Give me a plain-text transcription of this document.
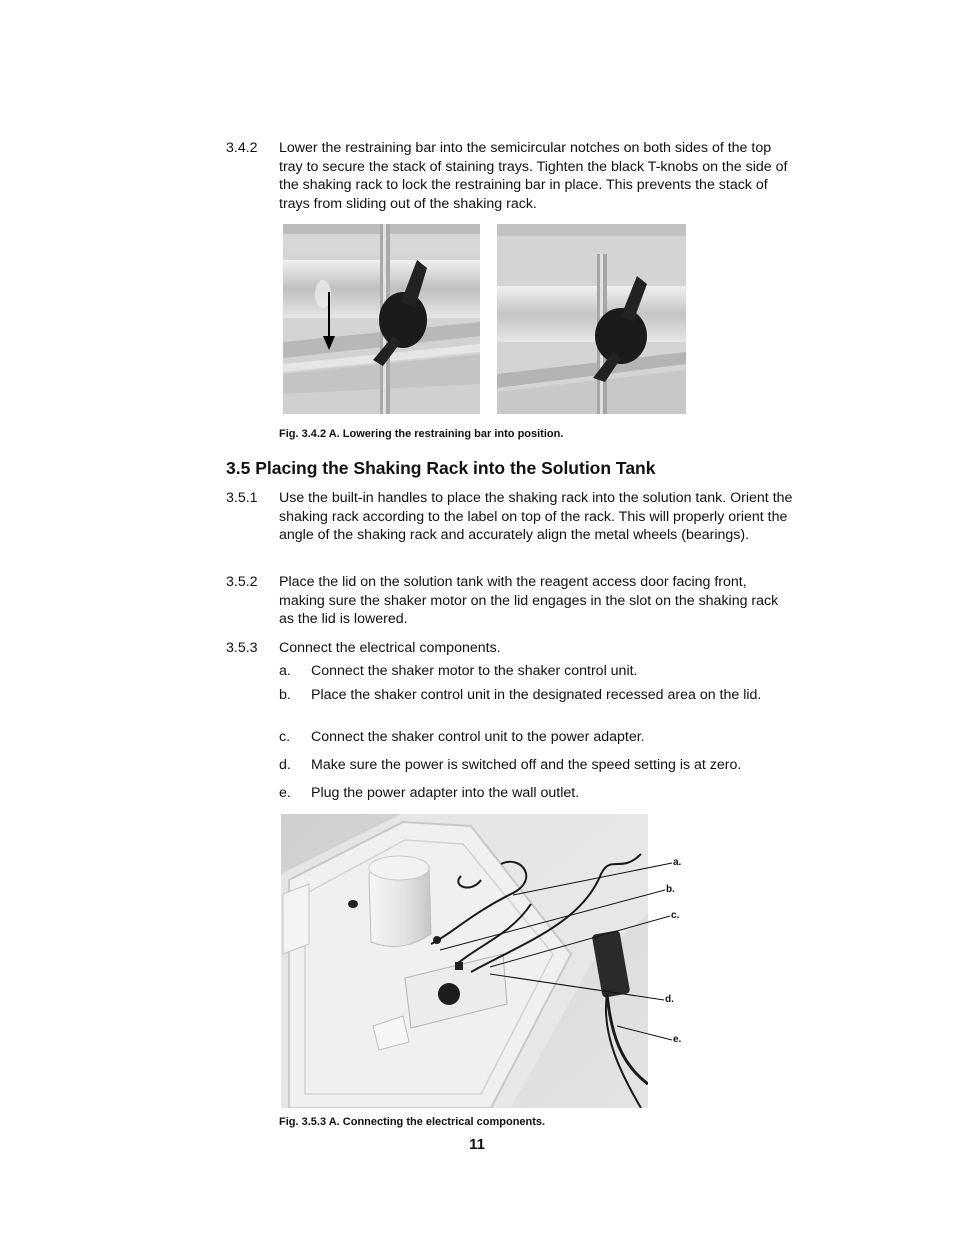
3.4.2 Lower the restraining bar into the semicircular notches on both sides of the top tray to secure the stack of staining trays. Tighten the black T-knobs on the side of the shaking rack to lock the restraining bar in place. This prevents the stack of trays from sliding out of the shaking rack.
Fig. 3.4.2 A. Lowering the restraining bar into position.
3.5 Placing the Shaking Rack into the Solution Tank
3.5.1 Use the built-in handles to place the shaking rack into the solution tank. Orient the shaking rack according to the label on top of the rack. This will properly orient the angle of the shaking rack and accurately align the metal wheels (bearings).
3.5.2 Place the lid on the solution tank with the reagent access door facing front, making sure the shaker motor on the lid engages in the slot on the shaking rack as the lid is lowered.
3.5.3 Connect the electrical components.
a. Connect the shaker motor to the shaker control unit.
b. Place the shaker control unit in the designated recessed area on the lid.
c. Connect the shaker control unit to the power adapter.
d. Make sure the power is switched off and the speed setting is at zero.
e. Plug the power adapter into the wall outlet.
a.
b.
c.
d.
e.
Fig. 3.5.3 A. Connecting the electrical components.
11
